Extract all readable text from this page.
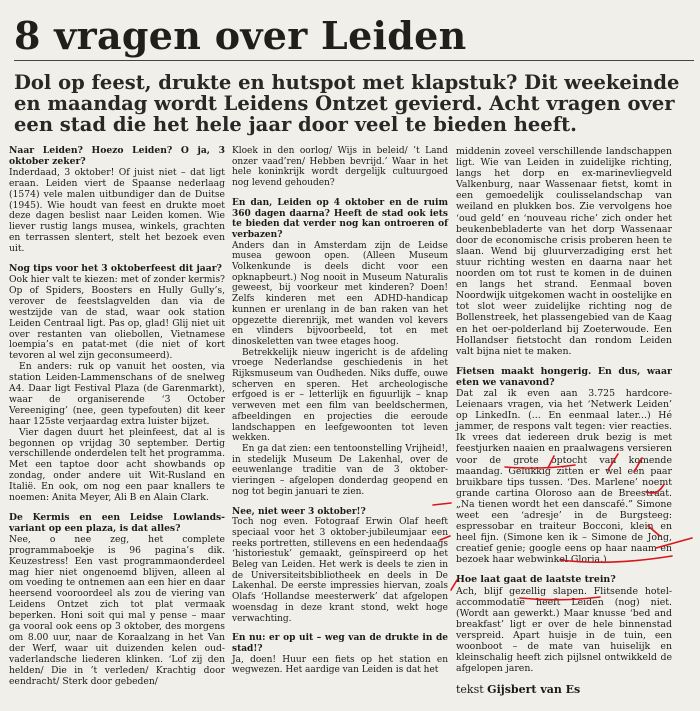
8 vragen over Leiden

Dol op feest, drukte en hutspot met klapstuk? Dit weekeinde en maandag wordt Leidens Ontzet gevierd. Acht vragen over een stad die het hele jaar door veel te bieden heeft.

Naar Leiden? Hoezo Leiden? O ja, 3 oktober zeker?
Inderdaad, 3 oktober! Of juist niet – dat ligt eraan. Leiden viert de Spaanse nederlaag (1574) vele malen uitbundiger dan de Duitse (1945). Wie houdt van feest en drukte moet deze dagen beslist naar Leiden komen. Wie liever rustig langs musea, winkels, grachten en terrassen slentert, stelt het bezoek even uit.

Nog tips voor het 3 oktoberfeest dit jaar?
Ook hier valt te kiezen: met of zonder kermis? Op of Spiders, Boosters en Hully Gully’s, verover de feestslagvelden dan via de westzijde van de stad, waar ook station Leiden Centraal ligt. Pas op, glad! Glij niet uit over restanten van oliebollen, Vietnamese loempia’s en patat-met (die niet of kort tevoren al wel zijn geconsumeerd).
En anders: ruk op vanuit het oosten, via station Leiden-Lammenschans of de snelweg A4. Daar ligt Festival Plaza (de Garenmarkt), waar de organiserende ‘3 October Vereeniging’ (nee, geen typefouten) dit keer haar 125ste verjaardag extra luister bijzet.
Vier dagen duurt het pleinfeest, dat al is begonnen op vrijdag 30 september. Dertig verschillende onderdelen telt het programma. Met een taptoe door acht showbands op zondag, onder andere uit Wit-Rusland en Italië. En ook, om nog een paar knallers te noemen: Anita Meyer, Ali B en Alain Clark.

De Kermis en een Leidse Lowlands-variant op een plaza, is dat alles?
Nee, o nee zeg, het complete programmaboekje is 96 pagina’s dik. Keuzestress! Een vast programmaonderdeel mag hier niet ongenoemd blijven, alleen al om voeding te ontnemen aan een hier en daar heersend vooroordeel als zou de viering van Leidens Ontzet zich tot plat vermaak beperken. Honi soit qui mal y pense – maar ga vooral ook eens op 3 oktober, des morgens om 8.00 uur, naar de Koraalzang in het Van der Werf, waar uit duizenden kelen oud-vaderlandsche liederen klinken. ‘Lof zij den helden/ Die in ’t verleden/ Krachtig door eendracht/ Sterk door gebeden/

Kloek in den oorlog/ Wijs in beleid/ ’t Land onzer vaad’ren/ Hebben bevrijd.’ Waar in het hele koninkrijk wordt dergelijk cultuurgoed nog levend gehouden?

En dan, Leiden op 4 oktober en de ruim 360 dagen daarna? Heeft de stad ook iets te bieden dat verder nog kan ontroeren of verbazen?
Anders dan in Amsterdam zijn de Leidse musea gewoon open. (Alleen Museum Volkenkunde is deels dicht voor een opknapbeurt.) Nog nooit in Museum Naturalis geweest, bij voorkeur met kinderen? Doen! Zelfs kinderen met een ADHD-handicap kunnen er urenlang in de ban raken van het opgezette dierenrijk, met wanden vol kevers en vlinders bijvoorbeeld, tot en met dinoskeletten van twee etages hoog.
Betrekkelijk nieuw ingericht is de afdeling vroege Nederlandse geschiedenis in het Rijksmuseum van Oudheden. Niks duffe, ouwe scherven en speren. Het archeologische erfgoed is er – letterlijk en figuurlijk – knap verweven met een film van beeldschermen, afbeeldingen en projecties die eeroude landschappen en leefgewoonten tot leven wekken.
En ga dat zien: een tentoonstelling Vrijheid!, in stedelijk Museum De Lakenhal, over de eeuwenlange traditie van de 3 oktober-vieringen – afgelopen donderdag geopend en nog tot begin januari te zien.

Nee, niet weer 3 oktober!?
Toch nog even. Fotograaf Erwin Olaf heeft speciaal voor het 3 oktober-jubileumjaar een reeks portretten, stillevens en een hedendaags ‘historiestuk’ gemaakt, geïnspireerd op het Beleg van Leiden. Het werk is deels te zien in de Universiteitsbibliotheek en deels in De Lakenhal. De eerste impressies hiervan, zoals Olafs ‘Hollandse meesterwerk’ dat afgelopen woensdag in deze krant stond, wekt hoge verwachting.

En nu: er op uit – weg van de drukte in de stad!?
Ja, doen! Huur een fiets op het station en wegwezen. Het aardige van Leiden is dat het

middenin zoveel verschillende landschappen ligt. Wie van Leiden in zuidelijke richting, langs het dorp en ex-marinevliegveld Valkenburg, naar Wassenaar fietst, komt in een gemoedelijk coulisselandschap van weiland en plukken bos. Zie vervolgens hoe ‘oud geld’ en ‘nouveau riche’ zich onder het beukenbebladerte van het dorp Wassenaar door de economische crisis proberen heen te slaan. Wend bij gluurverzadiging erst het stuur richting westen en daarna naar het noorden om tot rust te komen in de duinen en langs het strand. Eenmaal boven Noordwijk uitgekomen wacht in oostelijke en tot slot weer zuidelijke richting nog de Bollenstreek, het plassengebied van de Kaag en het oer-polderland bij Zoeterwoude. Een Hollandser fietstocht dan rondom Leiden valt bijna niet te maken.

Fietsen maakt hongerig. En dus, waar eten we vanavond?
Dat zal ik even aan 3.725 hardcore-Leienaars vragen, via het ‘Netwerk Leiden’ op LinkedIn. (... En eenmaal later...) Hé jammer, de respons valt tegen: vier reacties. Ik vrees dat iedereen druk bezig is met feestjurken naaien en praalwagens versieren voor de grote optocht van komende maandag. Gelukkig zitten er wel een paar bruikbare tips tussen. ‘Des. Marlene’ noemt grande cartina Oloroso aan de Breestraat. „Na tienen wordt het een danscafé.” Simone weet een ‘adresje’ in de Burgsteeg: espressobar en traiteur Bocconi, klein en heel fijn. (Simone ken ik – Simone de Jong, creatief genie; google eens op haar naam en bezoek haar webwinkel Gloria.)

Hoe laat gaat de laatste trein?
Ach, blijf gezellig slapen. Flitsende hotel-accommodatie heeft Leiden (nog) niet. (Wordt aan gewerkt.) Maar knusse ‘bed and breakfast’ ligt er over de hele binnenstad verspreid. Apart huisje in de tuin, een woonboot – de mate van huiselijk en kleinschalig heeft zich pijlsnel ontwikkeld de afgelopen jaren.

tekst Gijsbert van Es
